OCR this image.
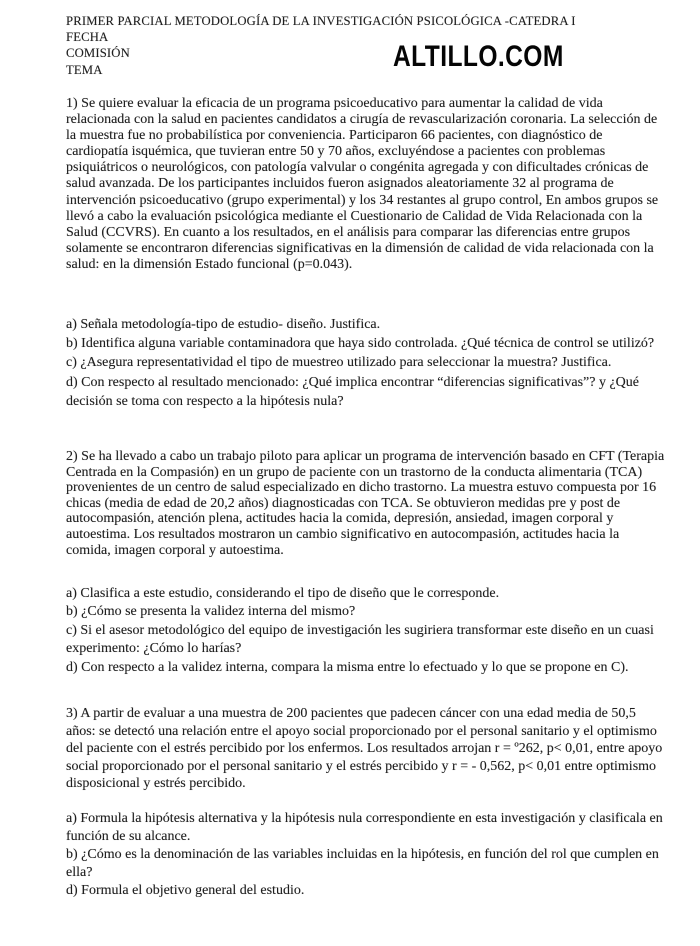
PRIMER PARCIAL METODOLOGÍA DE LA INVESTIGACIÓN PSICOLÓGICA -CATEDRA I
FECHA
COMISIÓN
TEMA	ALTILLO.COM

1) Se quiere evaluar la eficacia de un programa psicoeducativo para aumentar la calidad de vida relacionada con la salud en pacientes candidatos a cirugía de revascularización coronaria. La selección de la muestra fue no probabilística por conveniencia. Participaron 66 pacientes, con diagnóstico de cardiopatía isquémica, que tuvieran entre 50 y 70 años, excluyéndose a pacientes con problemas psiquiátricos o neurológicos, con patología valvular o congénita agregada y con dificultades crónicas de salud avanzada. De los participantes incluidos fueron asignados aleatoriamente 32 al programa de intervención psicoeducativo (grupo experimental) y los 34 restantes al grupo control, En ambos grupos se llevó a cabo la evaluación psicológica mediante el Cuestionario de Calidad de Vida Relacionada con la Salud (CCVRS). En cuanto a los resultados, en el análisis para comparar las diferencias entre grupos solamente se encontraron diferencias significativas en la dimensión de calidad de vida relacionada con la salud: en la dimensión Estado funcional (p=0.043).

a) Señala metodología-tipo de estudio- diseño. Justifica.

b) Identifica alguna variable contaminadora que haya sido controlada. ¿Qué técnica de control se utilizó?

c) ¿Asegura representatividad el tipo de muestreo utilizado para seleccionar la muestra? Justifica.

d) Con respecto al resultado mencionado: ¿Qué implica encontrar “diferencias significativas”? y ¿Qué decisión se toma con respecto a la hipótesis nula?

2) Se ha llevado a cabo un trabajo piloto para aplicar un programa de intervención basado en CFT (Terapia Centrada en la Compasión) en un grupo de paciente con un trastorno de la conducta alimentaria (TCA) provenientes de un centro de salud especializado en dicho trastorno. La muestra estuvo compuesta por 16 chicas (media de edad de 20,2 años) diagnosticadas con TCA. Se obtuvieron medidas pre y post de autocompasión, atención plena, actitudes hacia la comida, depresión, ansiedad, imagen corporal y autoestima. Los resultados mostraron un cambio significativo en autocompasión, actitudes hacia la comida, imagen corporal y autoestima.

a) Clasifica a este estudio, considerando el tipo de diseño que le corresponde.

b) ¿Cómo se presenta la validez interna del mismo?

c) Si el asesor metodológico del equipo de investigación les sugiriera transformar este diseño en un cuasi experimento: ¿Cómo lo harías?

d) Con respecto a la validez interna, compara la misma entre lo efectuado y lo que se propone en C).

3) A partir de evaluar a una muestra de 200 pacientes que padecen cáncer con una edad media de 50,5 años: se detectó una relación entre el apoyo social proporcionado por el personal sanitario y el optimismo del paciente con el estrés percibido por los enfermos. Los resultados arrojan r = º262, p< 0,01, entre apoyo social proporcionado por el personal sanitario y el estrés percibido y r = - 0,562, p< 0,01 entre optimismo disposicional y estrés percibido.

a) Formula la hipótesis alternativa y la hipótesis nula correspondiente en esta investigación y clasificala en función de su alcance.

b) ¿Cómo es la denominación de las variables incluidas en la hipótesis, en función del rol que cumplen en ella?

d) Formula el objetivo general del estudio.
